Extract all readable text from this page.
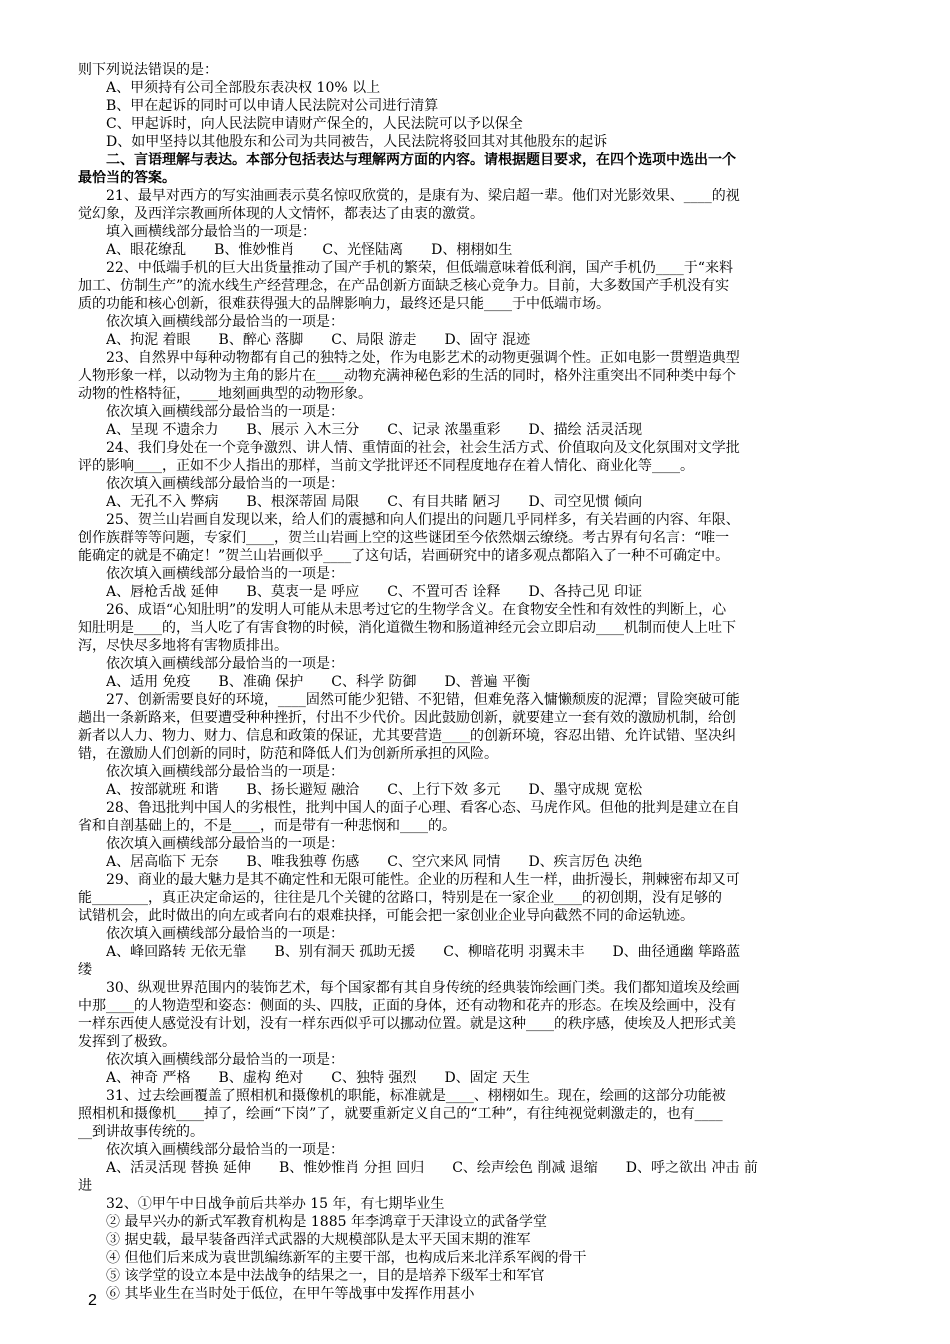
则下列说法错误的是：
A、甲须持有公司全部股东表决权 10% 以上
B、甲在起诉的同时可以申请人民法院对公司进行清算
C、甲起诉时，向人民法院申请财产保全的，人民法院可以予以保全
D、如甲坚持以其他股东和公司为共同被告，人民法院将驳回其对其他股东的起诉
二、言语理解与表达。本部分包括表达与理解两方面的内容。请根据题目要求，在四个选项中选出一个
最恰当的答案。
21、最早对西方的写实油画表示莫名惊叹欣赏的，是康有为、梁启超一辈。他们对光影效果、____的视
觉幻象，及西洋宗教画所体现的人文情怀，都表达了由衷的激赏。
填入画横线部分最恰当的一项是：
A、眼花缭乱　　B、惟妙惟肖　　C、光怪陆离　　D、栩栩如生
22、中低端手机的巨大出货量推动了国产手机的繁荣，但低端意味着低利润，国产手机仍____于“来料
加工、仿制生产”的流水线生产经营理念，在产品创新方面缺乏核心竞争力。目前，大多数国产手机没有实
质的功能和核心创新，很难获得强大的品牌影响力，最终还是只能____于中低端市场。
依次填入画横线部分最恰当的一项是：
A、拘泥 着眼　　B、醉心 落脚　　C、局限 游走　　D、固守 混迹
23、自然界中每种动物都有自己的独特之处，作为电影艺术的动物更强调个性。正如电影一贯塑造典型
人物形象一样，以动物为主角的影片在____动物充满神秘色彩的生活的同时，格外注重突出不同种类中每个
动物的性格特征，____地刻画典型的动物形象。
依次填入画横线部分最恰当的一项是：
A、呈现 不遗余力　　B、展示 入木三分　　C、记录 浓墨重彩　　D、描绘 活灵活现
24、我们身处在一个竞争激烈、讲人情、重情面的社会，社会生活方式、价值取向及文化氛围对文学批
评的影响____，正如不少人指出的那样，当前文学批评还不同程度地存在着人情化、商业化等____。
依次填入画横线部分最恰当的一项是：
A、无孔不入 弊病　　B、根深蒂固 局限　　C、有目共睹 陋习　　D、司空见惯 倾向
25、贺兰山岩画自发现以来，给人们的震撼和向人们提出的问题几乎同样多，有关岩画的内容、年限、
创作族群等等问题，专家们____，贺兰山岩画上空的这些谜团至今依然烟云缭绕。考古界有句名言：“唯一
能确定的就是不确定！”贺兰山岩画似乎____了这句话，岩画研究中的诸多观点都陷入了一种不可确定中。
依次填入画横线部分最恰当的一项是：
A、唇枪舌战 延伸　　B、莫衷一是 呼应　　C、不置可否 诠释　　D、各持己见 印证
26、成语“心知肚明”的发明人可能从未思考过它的生物学含义。在食物安全性和有效性的判断上，心
知肚明是____的，当人吃了有害食物的时候，消化道微生物和肠道神经元会立即启动____机制而使人上吐下
泻，尽快尽多地将有害物质排出。
依次填入画横线部分最恰当的一项是：
A、适用 免疫　　B、准确 保护　　C、科学 防御　　D、普遍 平衡
27、创新需要良好的环境，____固然可能少犯错、不犯错，但难免落入慵懒颓废的泥潭；冒险突破可能
趟出一条新路来，但要遭受种种挫折，付出不少代价。因此鼓励创新，就要建立一套有效的激励机制，给创
新者以人力、物力、财力、信息和政策的保证，尤其要营造____的创新环境，容忍出错、允许试错、坚决纠
错，在激励人们创新的同时，防范和降低人们为创新所承担的风险。
依次填入画横线部分最恰当的一项是：
A、按部就班 和谐　　B、扬长避短 融洽　　C、上行下效 多元　　D、墨守成规 宽松
28、鲁迅批判中国人的劣根性，批判中国人的面子心理、看客心态、马虎作风。但他的批判是建立在自
省和自剖基础上的，不是____，而是带有一种悲悯和____的。
依次填入画横线部分最恰当的一项是：
A、居高临下 无奈　　B、唯我独尊 伤感　　C、空穴来风 同情　　D、疾言厉色 决绝
29、商业的最大魅力是其不确定性和无限可能性。企业的历程和人生一样，曲折漫长，荆棘密布却又可
能________，真正决定命运的，往往是几个关键的岔路口，特别是在一家企业____的初创期，没有足够的
试错机会，此时做出的向左或者向右的艰难抉择，可能会把一家创业企业导向截然不同的命运轨迹。
依次填入画横线部分最恰当的一项是：
A、峰回路转 无依无靠　　B、别有洞天 孤助无援　　C、柳暗花明 羽翼未丰　　D、曲径通幽 筚路蓝
缕
30、纵观世界范围内的装饰艺术，每个国家都有其自身传统的经典装饰绘画门类。我们都知道埃及绘画
中那____的人物造型和姿态：侧面的头、四肢，正面的身体，还有动物和花卉的形态。在埃及绘画中，没有
一样东西使人感觉没有计划，没有一样东西似乎可以挪动位置。就是这种____的秩序感，使埃及人把形式美
发挥到了极致。
依次填入画横线部分最恰当的一项是：
A、神奇 严格　　B、虚构 绝对　　C、独特 强烈　　D、固定 天生
31、过去绘画覆盖了照相机和摄像机的职能，标准就是____、栩栩如生。现在，绘画的这部分功能被
照相机和摄像机____掉了，绘画“下岗”了，就要重新定义自己的“工种”，有往纯视觉刺激走的，也有____
__到讲故事传统的。
依次填入画横线部分最恰当的一项是：
A、活灵活现 替换 延伸　　B、惟妙惟肖 分担 回归　　C、绘声绘色 削减 退缩　　D、呼之欲出 冲击 前
进
32、①甲午中日战争前后共举办 15 年，有七期毕业生
② 最早兴办的新式军教育机构是 1885 年李鸿章于天津设立的武备学堂
③ 据史载，最早装备西洋式武器的大规模部队是太平天国末期的淮军
④ 但他们后来成为袁世凯编练新军的主要干部，也构成后来北洋系军阀的骨干
⑤ 该学堂的设立本是中法战争的结果之一，目的是培养下级军士和军官
⑥ 其毕业生在当时处于低位，在甲午等战事中发挥作用甚小
2
